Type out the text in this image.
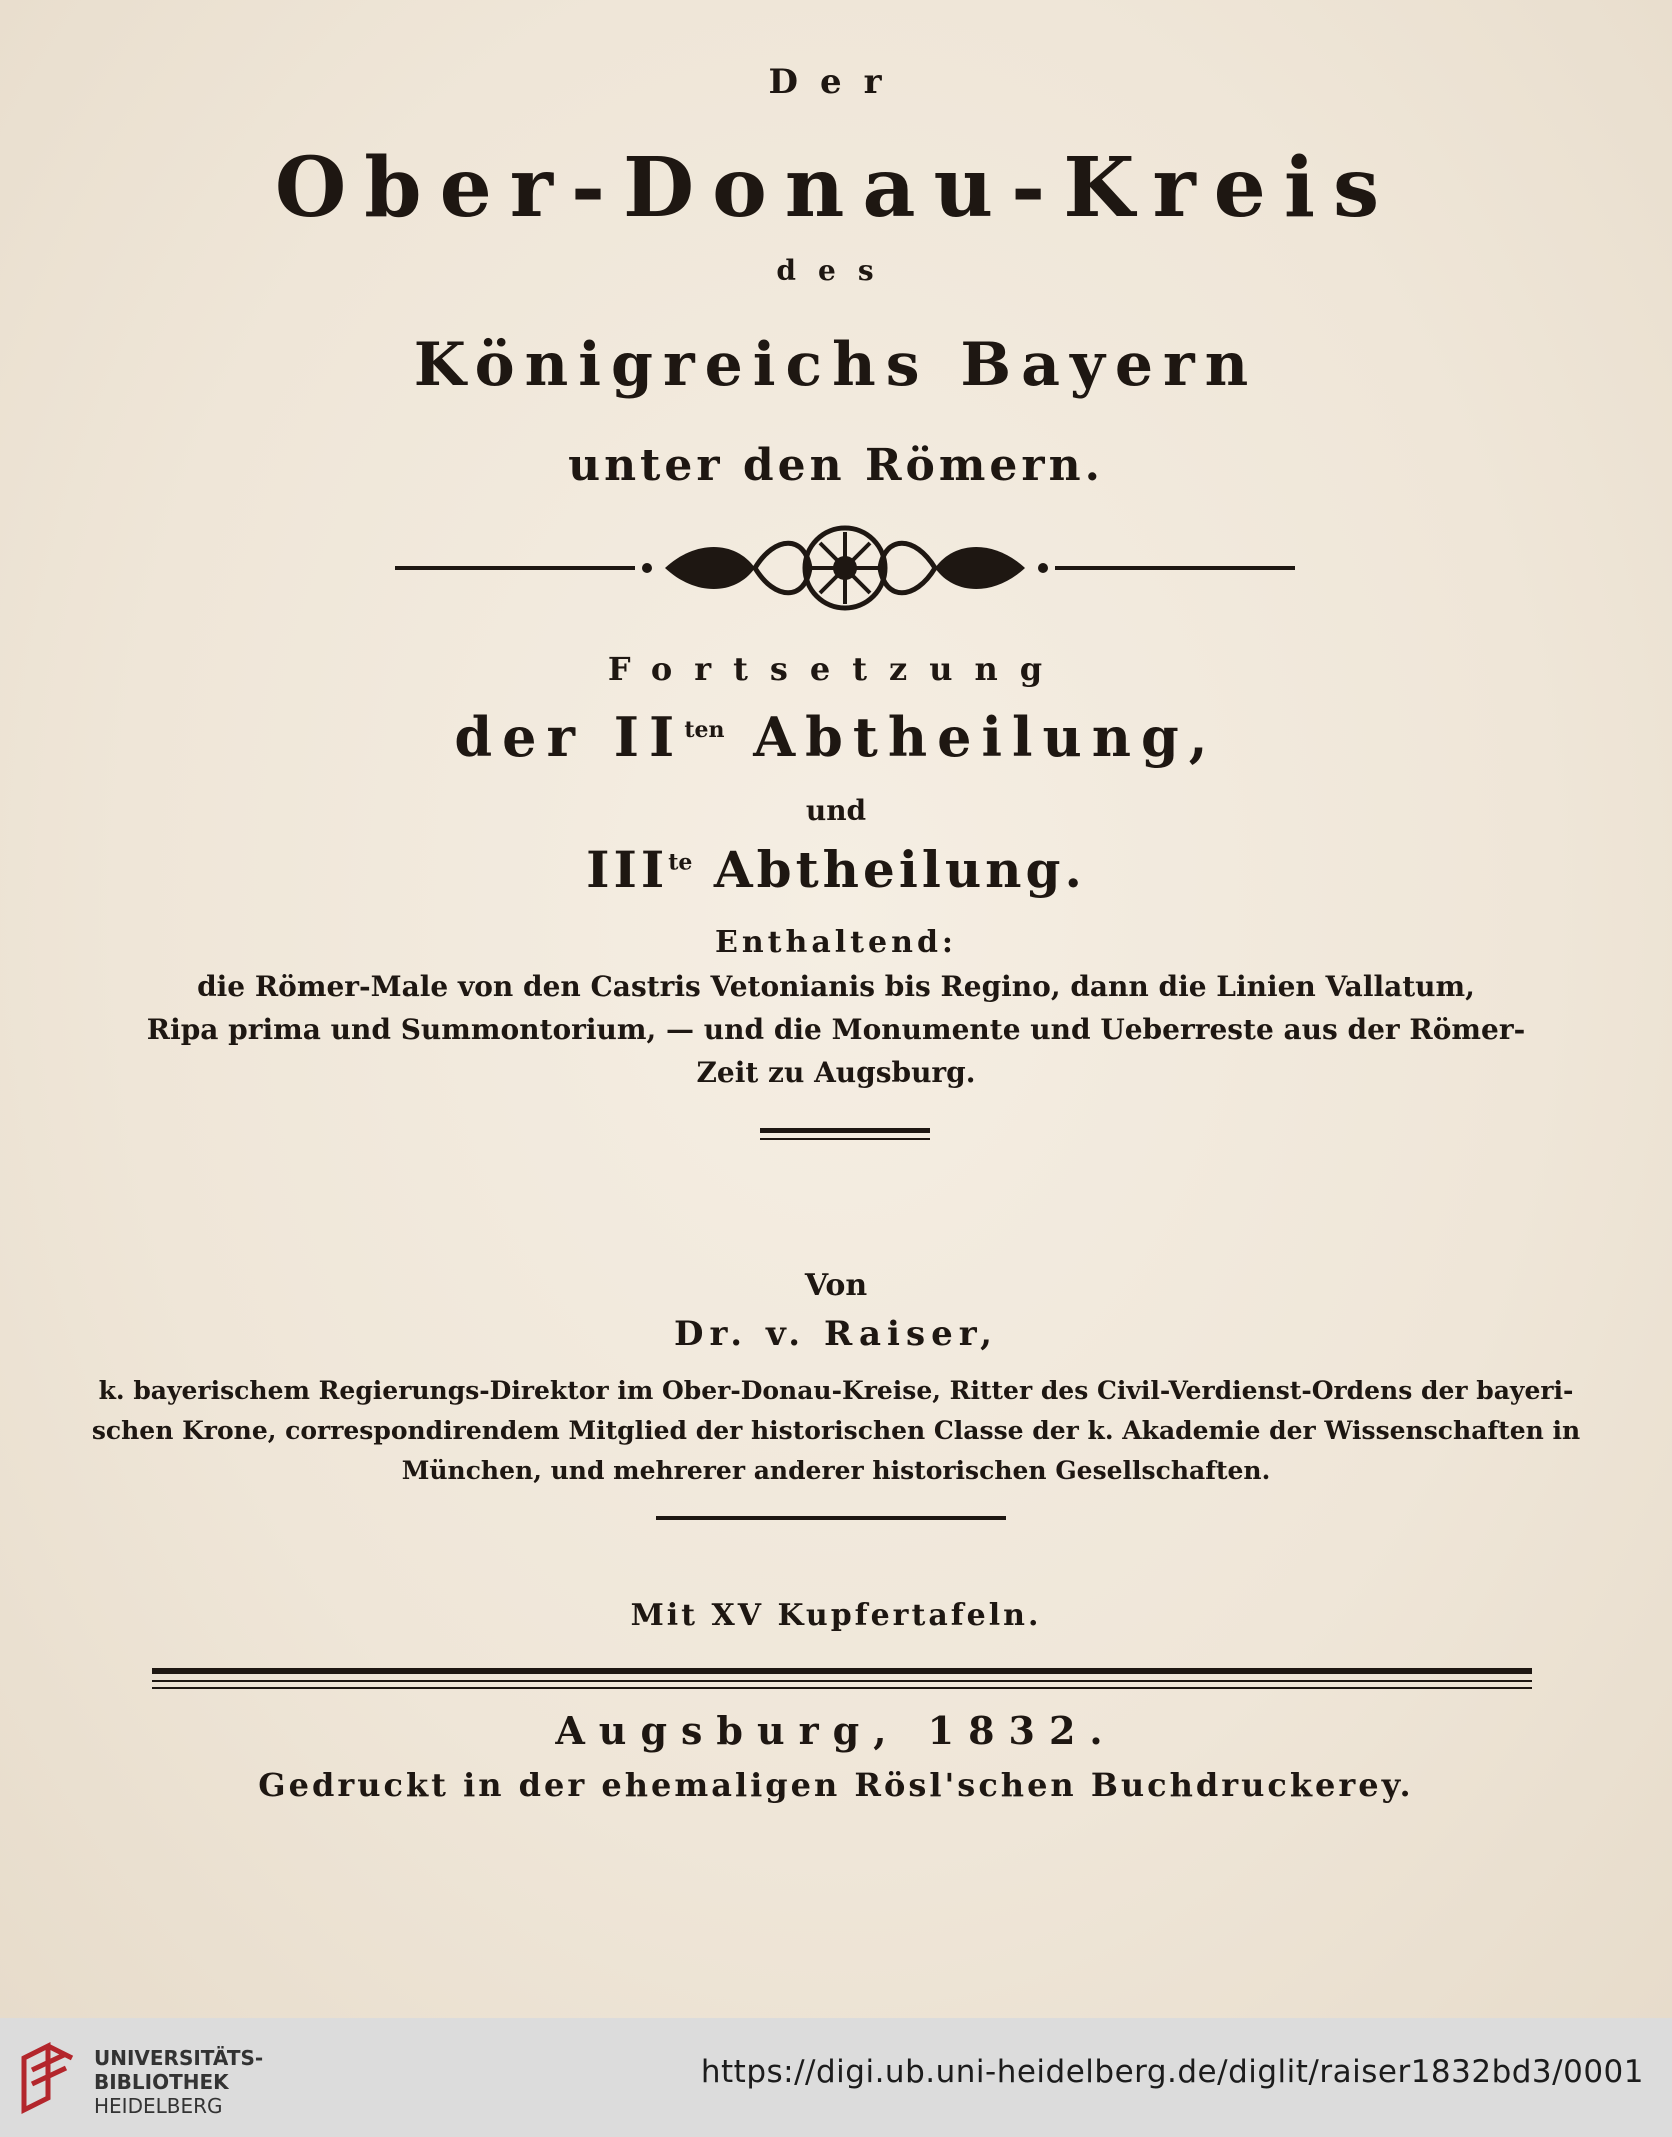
Der
Ober-Donau-Kreis
des
Königreichs Bayern
unter den Römern.
Fortsetzung
der $II^{ten}$ Abtheilung,
und
$III^{te}$ Abtheilung.
Enthaltend:
die Römer-Male von den Castris Vetonianis bis Regino, dann die Linien Vallatum,
Ripa prima und Summontorium, — und die Monumente und Ueberreste aus der Römer-
Zeit zu Augsburg.
Von
Dr. v. Raiser,
k. bayerischem Regierungs-Direktor im Ober-Donau-Kreise, Ritter des Civil-Verdienst-Ordens der bayeri-
schen Krone, correspondirendem Mitglied der historischen Classe der k. Akademie der Wissenschaften in
München, und mehrerer anderer historischen Gesellschaften.
Mit XV Kupfertafeln.
Augsburg, 1832.
Gedruckt in der ehemaligen Rösl'schen Buchdruckerey.
UNIVERSITÄTS-
BIBLIOTHEK
HEIDELBERG
https://digi.ub.uni-heidelberg.de/diglit/raiser1832bd3/0001
